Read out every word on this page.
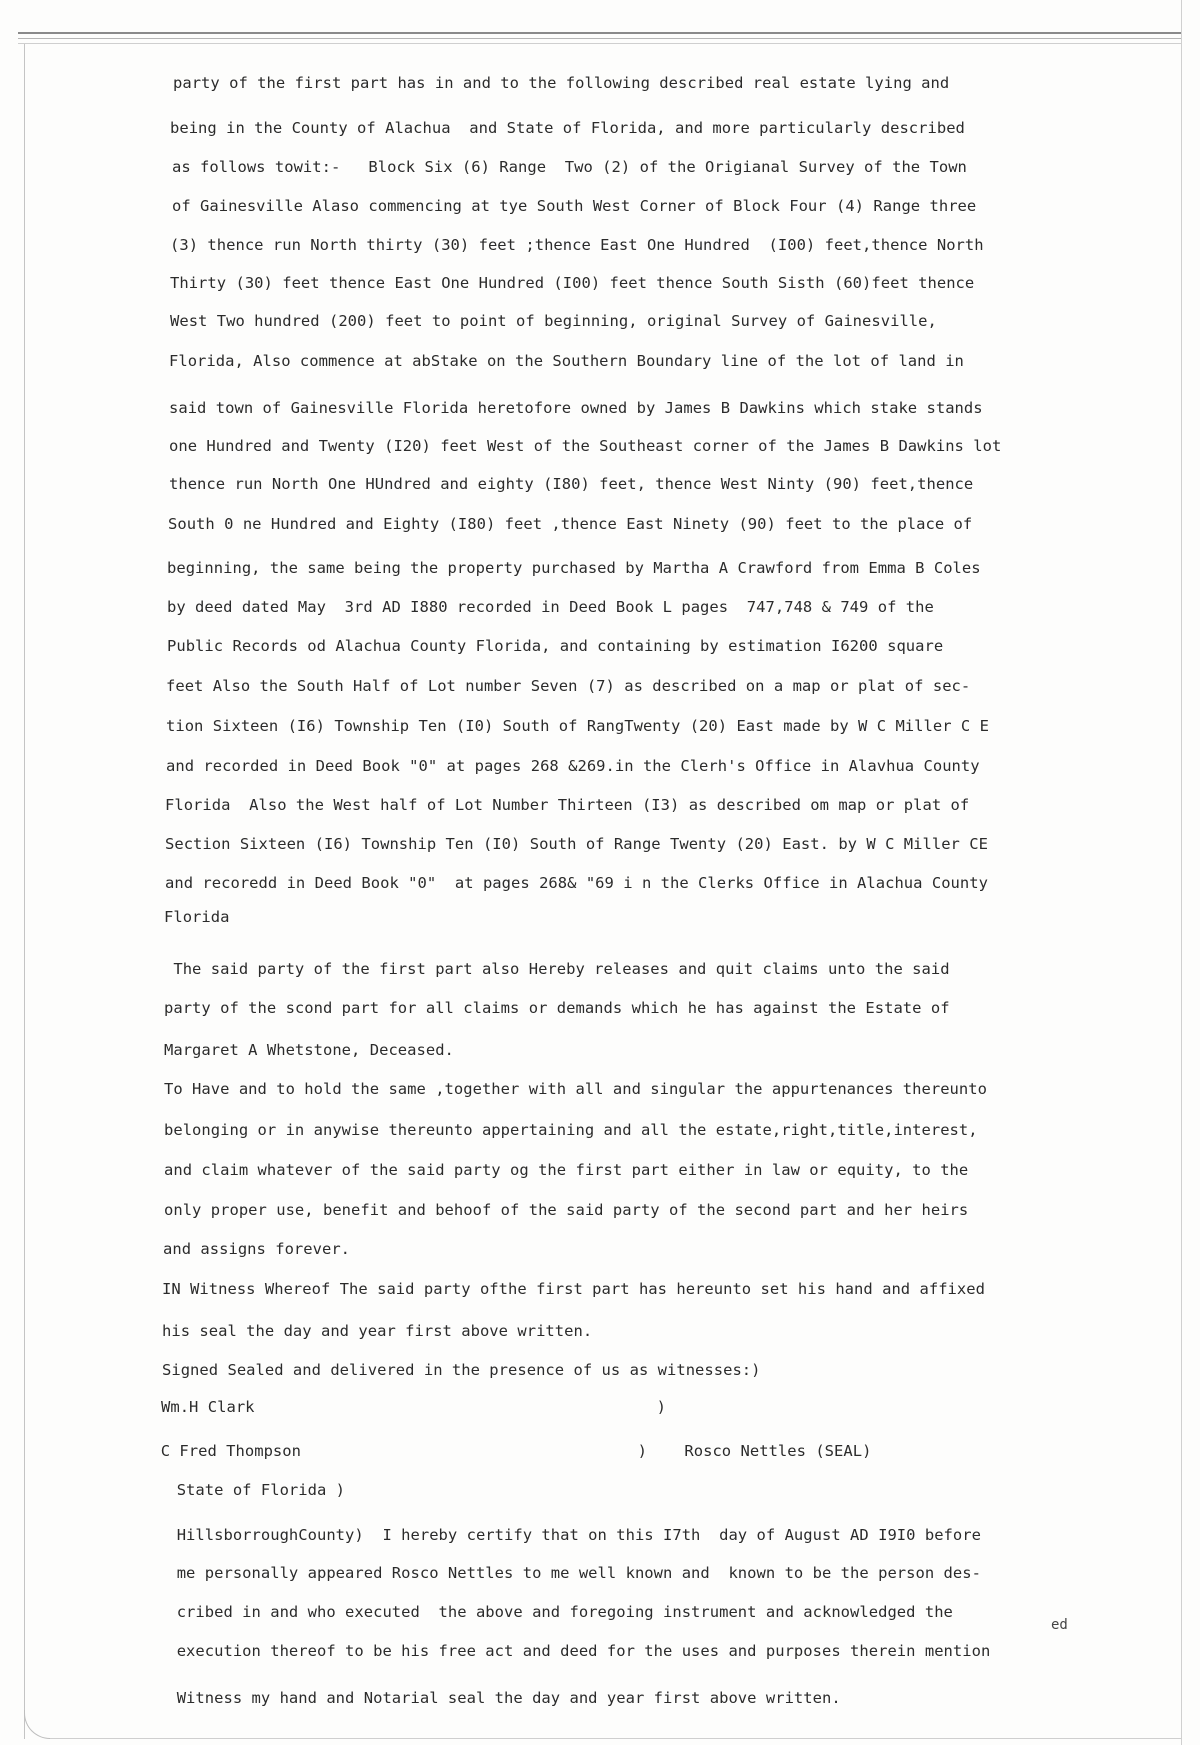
party of the first part has in and to the following described real estate lying and
being in the County of Alachua  and State of Florida, and more particularly described
as follows towit:-   Block Six (6) Range  Two (2) of the Origianal Survey of the Town
of Gainesville Alaso commencing at tye South West Corner of Block Four (4) Range three
(3) thence run North thirty (30) feet ;thence East One Hundred  (I00) feet,thence North
Thirty (30) feet thence East One Hundred (I00) feet thence South Sisth (60)feet thence
West Two hundred (200) feet to point of beginning, original Survey of Gainesville,
Florida, Also commence at abStake on the Southern Boundary line of the lot of land in
said town of Gainesville Florida heretofore owned by James B Dawkins which stake stands
one Hundred and Twenty (I20) feet West of the Southeast corner of the James B Dawkins lot
thence run North One HUndred and eighty (I80) feet, thence West Ninty (90) feet,thence
South 0 ne Hundred and Eighty (I80) feet ,thence East Ninety (90) feet to the place of
beginning, the same being the property purchased by Martha A Crawford from Emma B Coles
by deed dated May  3rd AD I880 recorded in Deed Book L pages  747,748 & 749 of the
Public Records od Alachua County Florida, and containing by estimation I6200 square
feet Also the South Half of Lot number Seven (7) as described on a map or plat of sec-
tion Sixteen (I6) Township Ten (I0) South of RangTwenty (20) East made by W C Miller C E
and recorded in Deed Book "0" at pages 268 &269.in the Clerh's Office in Alavhua County
Florida  Also the West half of Lot Number Thirteen (I3) as described om map or plat of
Section Sixteen (I6) Township Ten (I0) South of Range Twenty (20) East. by W C Miller CE
and recoredd in Deed Book "0"  at pages 268& "69 i n the Clerks Office in Alachua County
Florida
The said party of the first part also Hereby releases and quit claims unto the said
party of the scond part for all claims or demands which he has against the Estate of
Margaret A Whetstone, Deceased.
To Have and to hold the same ,together with all and singular the appurtenances thereunto
belonging or in anywise thereunto appertaining and all the estate,right,title,interest,
and claim whatever of the said party og the first part either in law or equity, to the
only proper use, benefit and behoof of the said party of the second part and her heirs
and assigns forever.
IN Witness Whereof The said party ofthe first part has hereunto set his hand and affixed
his seal the day and year first above written.
Signed Sealed and delivered in the presence of us as witnesses:)
Wm.H Clark                                           )
C Fred Thompson                                    )    Rosco Nettles (SEAL)
State of Florida )
HillsborroughCounty)  I hereby certify that on this I7th  day of August AD I9I0 before
me personally appeared Rosco Nettles to me well known and  known to be the person des-
cribed in and who executed  the above and foregoing instrument and acknowledged the
execution thereof to be his free act and deed for the uses and purposes therein mention
Witness my hand and Notarial seal the day and year first above written.
ed
